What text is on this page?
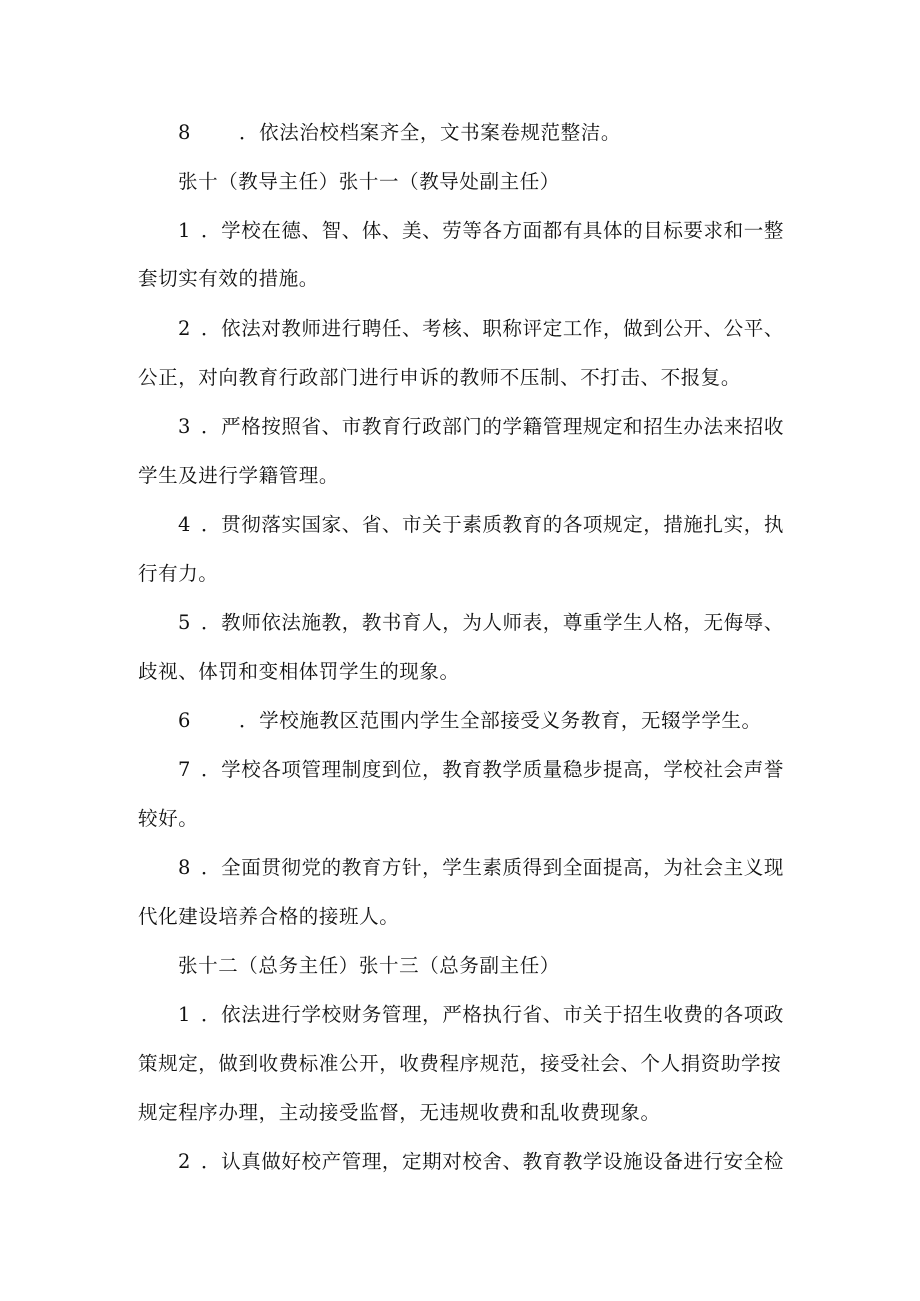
8 ．依法治校档案齐全，文书案卷规范整洁。
张十（教导主任）张十一（教导处副主任）
1 ．学校在德、智、体、美、劳等各方面都有具体的目标要求和一整
套切实有效的措施。
2 ．依法对教师进行聘任、考核、职称评定工作，做到公开、公平、
公正，对向教育行政部门进行申诉的教师不压制、不打击、不报复。
3 ．严格按照省、市教育行政部门的学籍管理规定和招生办法来招收
学生及进行学籍管理。
4 ．贯彻落实国家、省、市关于素质教育的各项规定，措施扎实，执
行有力。
5 ．教师依法施教，教书育人，为人师表，尊重学生人格，无侮辱、
歧视、体罚和变相体罚学生的现象。
6 ．学校施教区范围内学生全部接受义务教育，无辍学学生。
7 ．学校各项管理制度到位，教育教学质量稳步提高，学校社会声誉
较好。
8 ．全面贯彻党的教育方针，学生素质得到全面提高，为社会主义现
代化建设培养合格的接班人。
张十二（总务主任）张十三（总务副主任）
1 ．依法进行学校财务管理，严格执行省、市关于招生收费的各项政
策规定，做到收费标准公开，收费程序规范，接受社会、个人捐资助学按
规定程序办理，主动接受监督，无违规收费和乱收费现象。
2 ．认真做好校产管理，定期对校舍、教育教学设施设备进行安全检
